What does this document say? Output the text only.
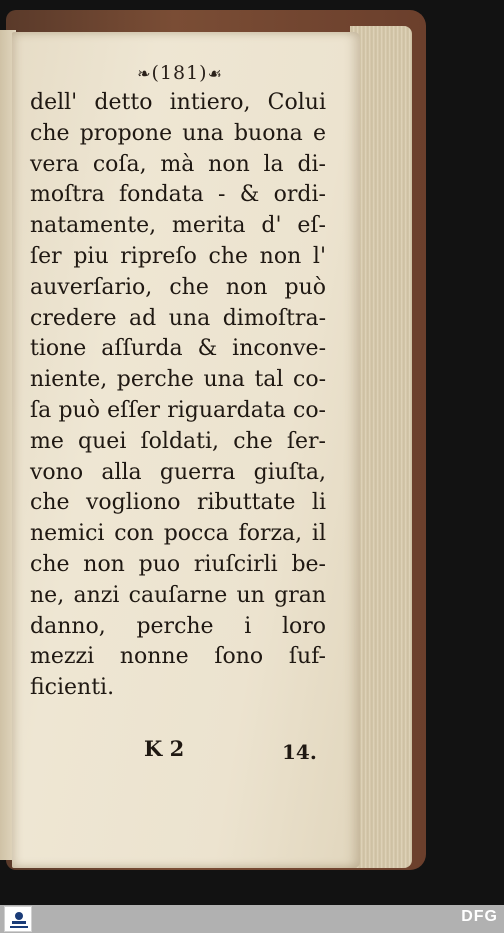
❧(181)☙
dell' detto intiero, Colui
che propone una buona e
vera coſa, mà non la di-
moſtra fondata - & ordi-
natamente, merita d' eſ-
ſer piu ripreſo che non l'
auverſario, che non può
credere ad una dimoſtra-
tione aſſurda & inconve-
niente, perche una tal co-
ſa può eſſer riguardata co-
me quei ſoldati, che ſer-
vono alla guerra giuſta,
che vogliono ributtate li
nemici con pocca forza, il
che non puo riuſcirli be-
ne, anzi cauſarne un gran
danno, perche i loro
mezzi nonne ſono ſuf-
ficienti.
K 2	14.
DFG
